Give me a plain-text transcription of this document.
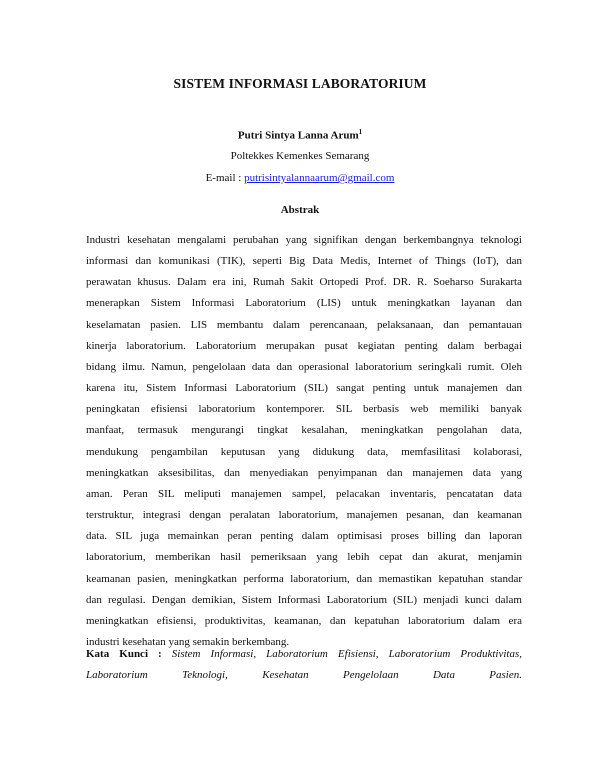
SISTEM INFORMASI LABORATORIUM
Putri Sintya Lanna Arum$^1$
Poltekkes Kemenkes Semarang
E-mail : putrisintyalannaarum@gmail.com
Abstrak
Industri kesehatan mengalami perubahan yang signifikan dengan berkembangnya teknologi
informasi dan komunikasi (TIK), seperti Big Data Medis, Internet of Things (IoT), dan
perawatan khusus. Dalam era ini, Rumah Sakit Ortopedi Prof. DR. R. Soeharso Surakarta
menerapkan Sistem Informasi Laboratorium (LIS) untuk meningkatkan layanan dan
keselamatan pasien. LIS membantu dalam perencanaan, pelaksanaan, dan pemantauan
kinerja laboratorium. Laboratorium merupakan pusat kegiatan penting dalam berbagai
bidang ilmu. Namun, pengelolaan data dan operasional laboratorium seringkali rumit. Oleh
karena itu, Sistem Informasi Laboratorium (SIL) sangat penting untuk manajemen dan
peningkatan efisiensi laboratorium kontemporer. SIL berbasis web memiliki banyak
manfaat, termasuk mengurangi tingkat kesalahan, meningkatkan pengolahan data,
mendukung pengambilan keputusan yang didukung data, memfasilitasi kolaborasi,
meningkatkan aksesibilitas, dan menyediakan penyimpanan dan manajemen data yang
aman. Peran SIL meliputi manajemen sampel, pelacakan inventaris, pencatatan data
terstruktur, integrasi dengan peralatan laboratorium, manajemen pesanan, dan keamanan
data. SIL juga memainkan peran penting dalam optimisasi proses billing dan laporan
laboratorium, memberikan hasil pemeriksaan yang lebih cepat dan akurat, menjamin
keamanan pasien, meningkatkan performa laboratorium, dan memastikan kepatuhan standar
dan regulasi. Dengan demikian, Sistem Informasi Laboratorium (SIL) menjadi kunci dalam
meningkatkan efisiensi, produktivitas, keamanan, dan kepatuhan laboratorium dalam era
industri kesehatan yang semakin berkembang.
Kata Kunci : Sistem Informasi, Laboratorium Efisiensi, Laboratorium Produktivitas,
Laboratorium Teknologi, Kesehatan Pengelolaan Data Pasien.
